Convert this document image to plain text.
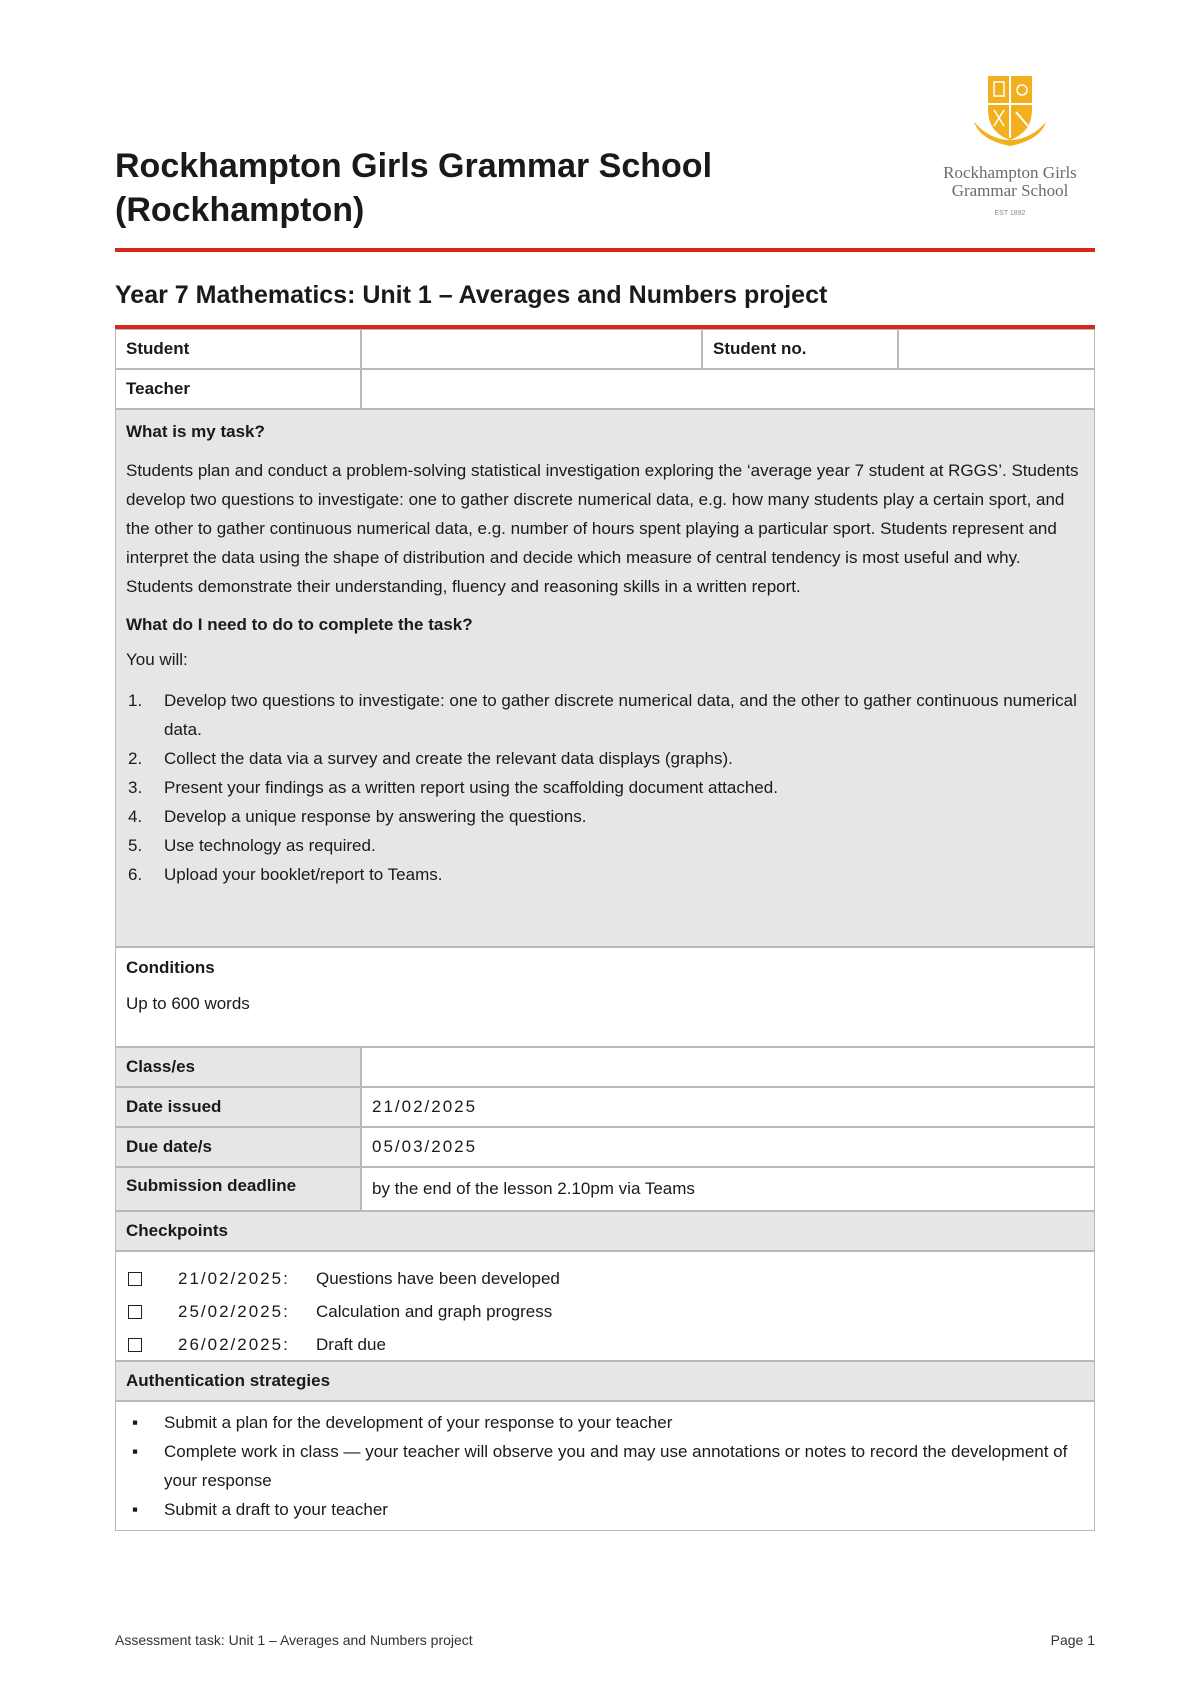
Rockhampton Girls Grammar School
(Rockhampton)
Rockhampton Girls
Grammar School
EST 1892
Year 7 Mathematics: Unit 1 – Averages and Numbers project
Student	Student no.
Teacher
What is my task?

Students plan and conduct a problem-solving statistical investigation exploring the ‘average year 7 student at RGGS’. Students develop two questions to investigate: one to gather discrete numerical data, e.g. how many students play a certain sport, and the other to gather continuous numerical data, e.g. number of hours spent playing a particular sport. Students represent and interpret the data using the shape of distribution and decide which measure of central tendency is most useful and why. Students demonstrate their understanding, fluency and reasoning skills in a written report.

What do I need to do to complete the task?

You will:

1. Develop two questions to investigate: one to gather discrete numerical data, and the other to gather continuous numerical data.
2. Collect the data via a survey and create the relevant data displays (graphs).
3. Present your findings as a written report using the scaffolding document attached.
4. Develop a unique response by answering the questions.
5. Use technology as required.
6. Upload your booklet/report to Teams.
Conditions
Up to 600 words
Class/es
Date issued	21/02/2025
Due date/s	05/03/2025
Submission deadline	by the end of the lesson 2.10pm via Teams
Checkpoints
21/02/2025:	Questions have been developed
25/02/2025:	Calculation and graph progress
26/02/2025:	Draft due
Authentication strategies
▪ Submit a plan for the development of your response to your teacher
▪ Complete work in class — your teacher will observe you and may use annotations or notes to record the development of your response
▪ Submit a draft to your teacher
Assessment task: Unit 1 – Averages and Numbers project	Page 1
